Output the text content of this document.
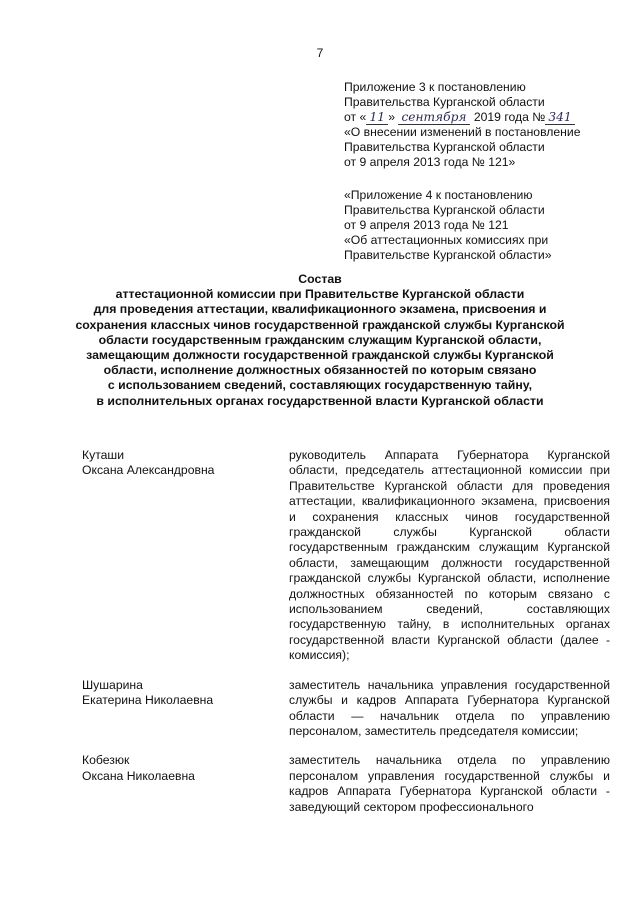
7

Приложение 3 к постановлению

Правительства Курганской области

от « 11 » сентября 2019 года № 341

«О внесении изменений в постановление

Правительства Курганской области

от 9 апреля 2013 года № 121»

«Приложение 4 к постановлению

Правительства Курганской области

от 9 апреля 2013 года № 121

«Об аттестационных комиссиях при

Правительстве Курганской области»

Состав

аттестационной комиссии при Правительстве Курганской области

для проведения аттестации, квалификационного экзамена, присвоения и

сохранения классных чинов государственной гражданской службы Курганской

области государственным гражданским служащим Курганской области,

замещающим должности государственной гражданской службы Курганской

области, исполнение должностных обязанностей по которым связано

с использованием сведений, составляющих государственную тайну,

в исполнительных органах государственной власти Курганской области

Куташи
Оксана Александровна
руководитель Аппарата Губернатора Курганской области, председатель аттестационной комиссии при Правительстве Курганской области для проведения аттестации, квалификационного экзамена, присвоения и сохранения классных чинов государственной гражданской службы Курганской области государственным гражданским служащим Курганской области, замещающим должности государственной гражданской службы Курганской области, исполнение должностных обязанностей по которым связано с использованием сведений, составляющих государственную тайну, в исполнительных органах государственной власти Курганской области (далее - комиссия);
Шушарина
Екатерина Николаевна
заместитель начальника управления государственной службы и кадров Аппарата Губернатора Курганской области — начальник отдела по управлению персоналом, заместитель председателя комиссии;
Кобезюк
Оксана Николаевна
заместитель начальника отдела по управлению персоналом управления государственной службы и кадров Аппарата Губернатора Курганской области - заведующий сектором профессионального
